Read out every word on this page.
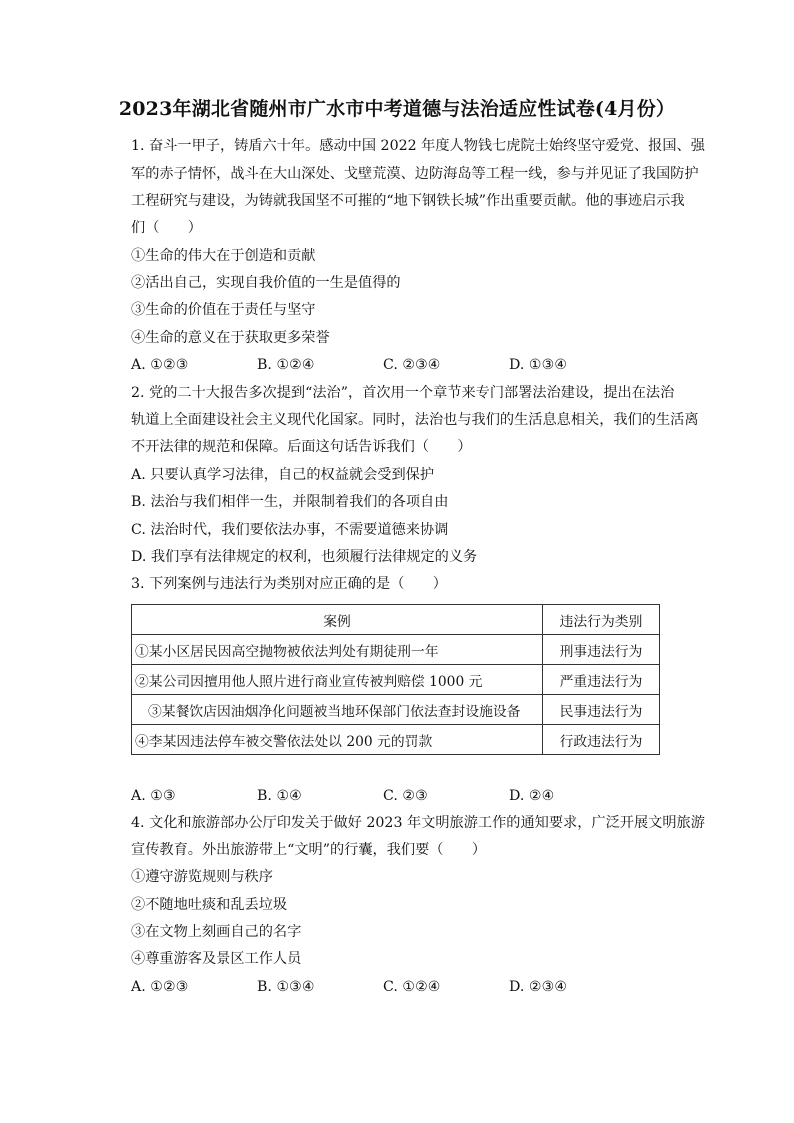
2023年湖北省随州市广水市中考道德与法治适应性试卷(4月份）
1. 奋斗一甲子，铸盾六十年。感动中国 2022 年度人物钱七虎院士始终坚守爱党、报国、强
军的赤子情怀，战斗在大山深处、戈壁荒漠、边防海岛等工程一线，参与并见证了我国防护
工程研究与建设，为铸就我国坚不可摧的“地下钢铁长城”作出重要贡献。他的事迹启示我
们（　　）
①生命的伟大在于创造和贡献
②活出自己，实现自我价值的一生是值得的
③生命的价值在于责任与坚守
④生命的意义在于获取更多荣誉
A. ①②③	B. ①②④	C. ②③④	D. ①③④
2. 党的二十大报告多次提到“法治”，首次用一个章节来专门部署法治建设，提出在法治
轨道上全面建设社会主义现代化国家。同时，法治也与我们的生活息息相关，我们的生活离
不开法律的规范和保障。后面这句话告诉我们（　　）
A. 只要认真学习法律，自己的权益就会受到保护
B. 法治与我们相伴一生，并限制着我们的各项自由
C. 法治时代，我们要依法办事，不需要道德来协调
D. 我们享有法律规定的权利，也须履行法律规定的义务
3. 下列案例与违法行为类别对应正确的是（　　）
案例	违法行为类别
①某小区居民因高空抛物被依法判处有期徒刑一年	刑事违法行为
②某公司因擅用他人照片进行商业宣传被判赔偿 1000 元	严重违法行为
③某餐饮店因油烟净化问题被当地环保部门依法查封设施设备	民事违法行为
④李某因违法停车被交警依法处以 200 元的罚款	行政违法行为
A. ①③	B. ①④	C. ②③	D. ②④
4. 文化和旅游部办公厅印发关于做好 2023 年文明旅游工作的通知要求，广泛开展文明旅游
宣传教育。外出旅游带上“文明”的行囊，我们要（　　）
①遵守游览规则与秩序
②不随地吐痰和乱丢垃圾
③在文物上刻画自己的名字
④尊重游客及景区工作人员
A. ①②③	B. ①③④	C. ①②④	D. ②③④
